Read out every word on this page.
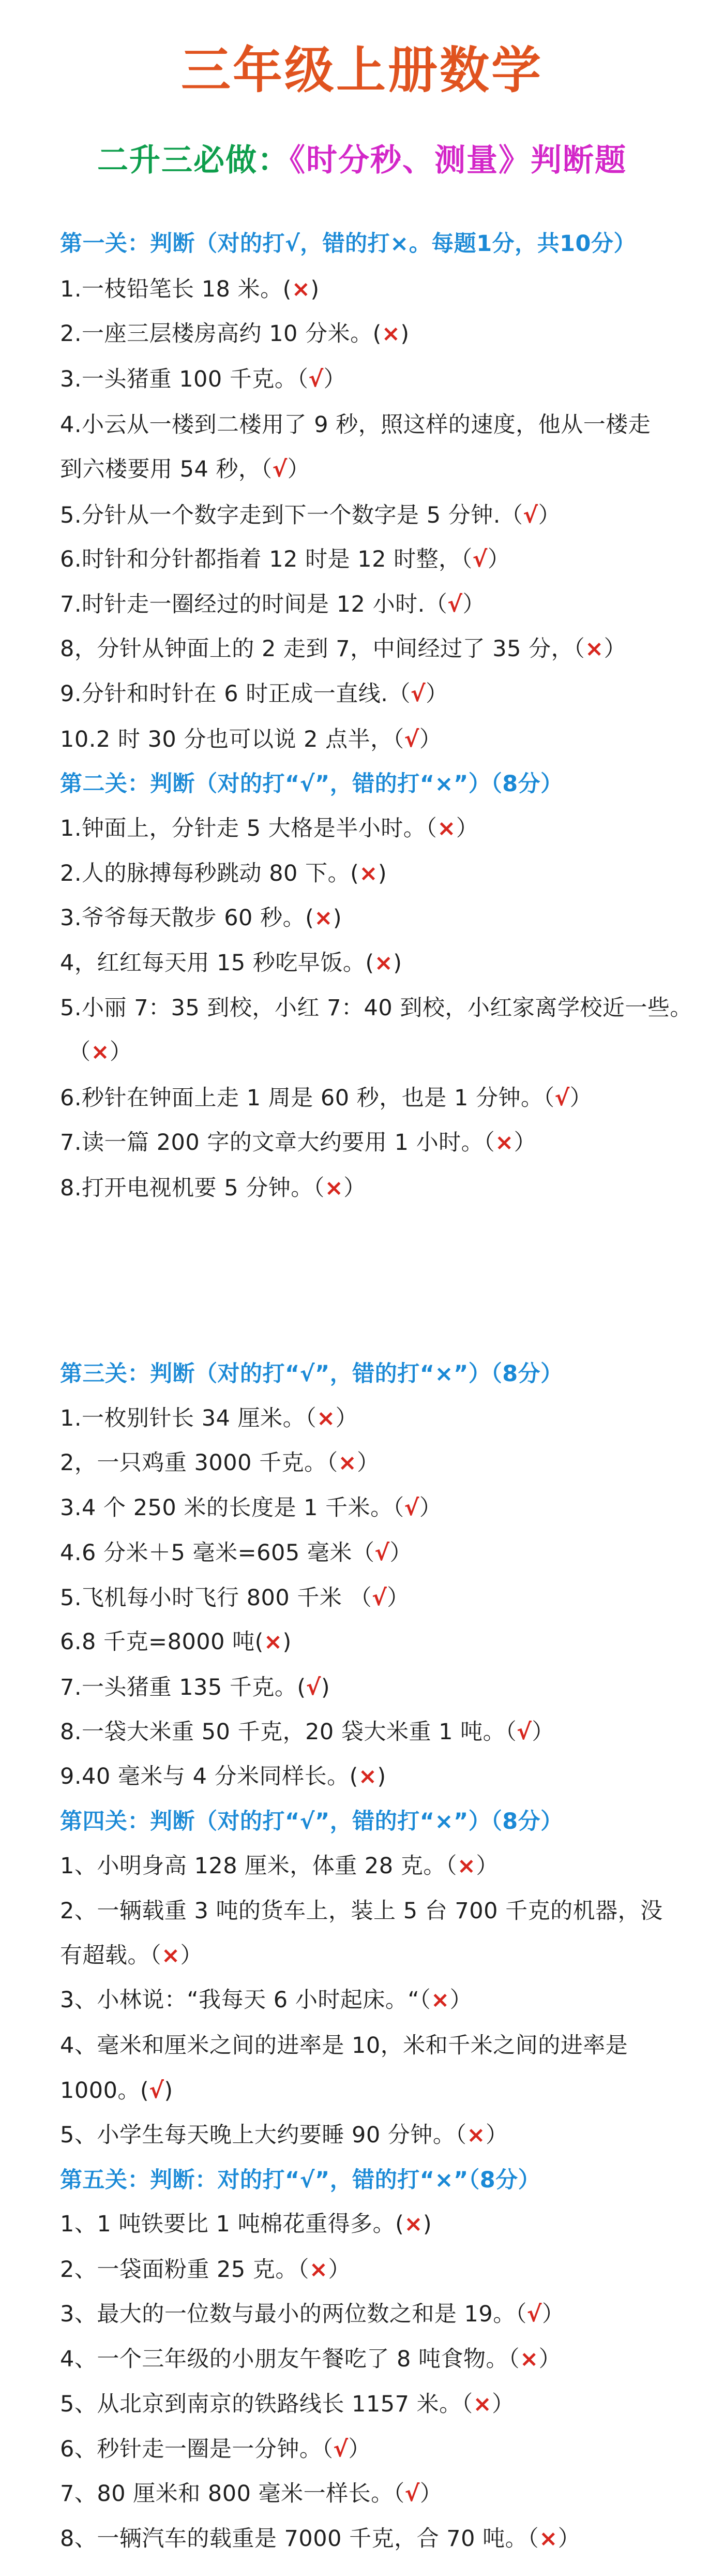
三年级上册数学
二升三必做：《时分秒、测量》判断题
第一关：判断（对的打√，错的打×。每题1分，共10分）
1.一枝铅笔长 18 米。(×)
2.一座三层楼房高约 10 分米。(×)
3.一头猪重 100 千克。（√）
4.小云从一楼到二楼用了 9 秒，照这样的速度，他从一楼走
到六楼要用 54 秒，（√）
5.分针从一个数字走到下一个数字是 5 分钟.（√）
6.时针和分针都指着 12 时是 12 时整，（√）
7.时针走一圈经过的时间是 12 小时.（√）
8，分针从钟面上的 2 走到 7，中间经过了 35 分，（×）
9.分针和时针在 6 时正成一直线.（√）
10.2 时 30 分也可以说 2 点半，（√）
第二关：判断（对的打“√”，错的打“×”）（8分）
1.钟面上，分针走 5 大格是半小时。（×）
2.人的脉搏每秒跳动 80 下。(×)
3.爷爷每天散步 60 秒。(×)
4，红红每天用 15 秒吃早饭。(×)
5.小丽 7：35 到校，小红 7：40 到校，小红家离学校近一些。
（×）
6.秒针在钟面上走 1 周是 60 秒，也是 1 分钟。（√）
7.读一篇 200 字的文章大约要用 1 小时。（×）
8.打开电视机要 5 分钟。（×）
第三关：判断（对的打“√”，错的打“×”）（8分）
1.一枚别针长 34 厘米。（×）
2，一只鸡重 3000 千克。（×）
3.4 个 250 米的长度是 1 千米。（√）
4.6 分米＋5 毫米=605 毫米（√）
5.飞机每小时飞行 800 千米 （√）
6.8 千克=8000 吨(×)
7.一头猪重 135 千克。(√)
8.一袋大米重 50 千克，20 袋大米重 1 吨。（√）
9.40 毫米与 4 分米同样长。(×)
第四关：判断（对的打“√”，错的打“×”）（8分）
1、小明身高 128 厘米，体重 28 克。（×）
2、一辆载重 3 吨的货车上，装上 5 台 700 千克的机器，没
有超载。（×）
3、小林说：“我每天 6 小时起床。“（×）
4、毫米和厘米之间的进率是 10，米和千米之间的进率是
1000。(√)
5、小学生每天晚上大约要睡 90 分钟。（×）
第五关：判断：对的打“√”，错的打“×”（8分）
1、1 吨铁要比 1 吨棉花重得多。(×)
2、一袋面粉重 25 克。（×）
3、最大的一位数与最小的两位数之和是 19。（√）
4、一个三年级的小朋友午餐吃了 8 吨食物。（×）
5、从北京到南京的铁路线长 1157 米。（×）
6、秒针走一圈是一分钟。（√）
7、80 厘米和 800 毫米一样长。（√）
8、一辆汽车的载重是 7000 千克，合 70 吨。（×）
